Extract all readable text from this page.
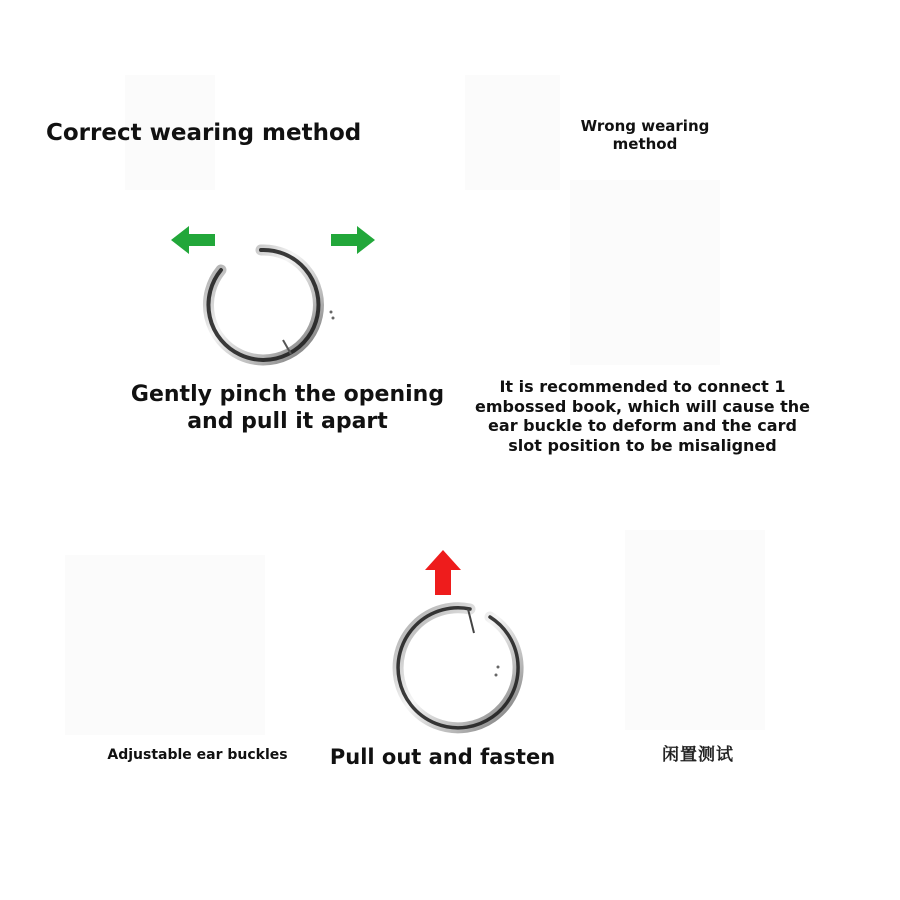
Correct wearing method	Wrong wearing method
Gently pinch the opening and pull it apart
It is recommended to connect 1 embossed book, which will cause the ear buckle to deform and the card slot position to be misaligned
Adjustable ear buckles	Pull out and fasten	闲置测试
